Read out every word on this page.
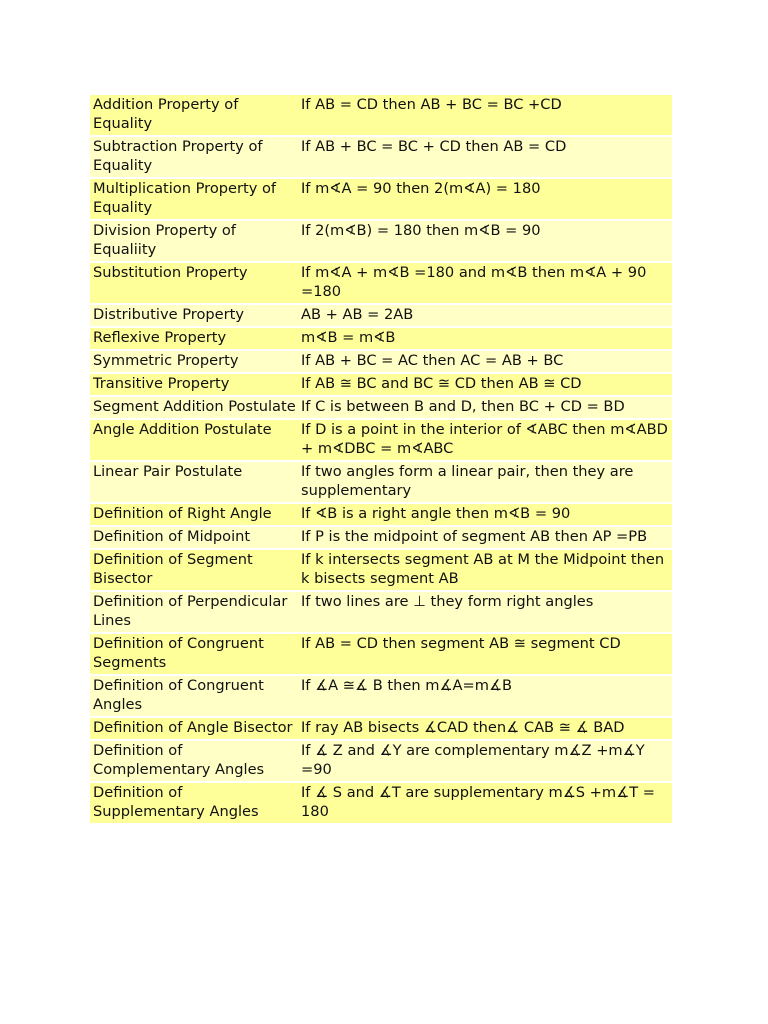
Addition Property of Equality	If AB = CD then AB + BC = BC +CD
Subtraction Property of Equality	If AB + BC = BC + CD then AB = CD
Multiplication Property of Equality	If m∢A = 90 then 2(m∢A) = 180
Division Property of Equaliity	If 2(m∢B) = 180 then m∢B = 90
Substitution Property	If m∢A + m∢B =180 and m∢B then m∢A + 90 =180
Distributive Property	AB + AB = 2AB
Reflexive Property	m∢B = m∢B
Symmetric Property	If AB + BC = AC then AC = AB + BC
Transitive Property	If AB ≅ BC and BC ≅ CD then AB ≅ CD
Segment Addition Postulate	If C is between B and D, then BC + CD = BD
Angle Addition Postulate	If D is a point in the interior of ∢ABC then m∢ABD + m∢DBC = m∢ABC
Linear Pair Postulate	If two angles form a linear pair, then they are supplementary
Definition of Right Angle	If ∢B is a right angle then m∢B = 90
Definition of Midpoint	If P is the midpoint of segment AB then AP =PB
Definition of Segment Bisector	If k intersects segment AB at M the Midpoint then k bisects segment AB
Definition of Perpendicular Lines	If two lines are ⊥ they form right angles
Definition of Congruent Segments	If AB = CD then segment AB ≅ segment CD
Definition of Congruent Angles	If ∡A ≅∡ B then m∡A=m∡B
Definition of Angle Bisector	If ray AB bisects ∡CAD then∡ CAB ≅ ∡ BAD
Definition of Complementary Angles	If ∡ Z and ∡Y are complementary m∡Z +m∡Y =90
Definition of Supplementary Angles	If ∡ S and ∡T are supplementary m∡S +m∡T = 180
